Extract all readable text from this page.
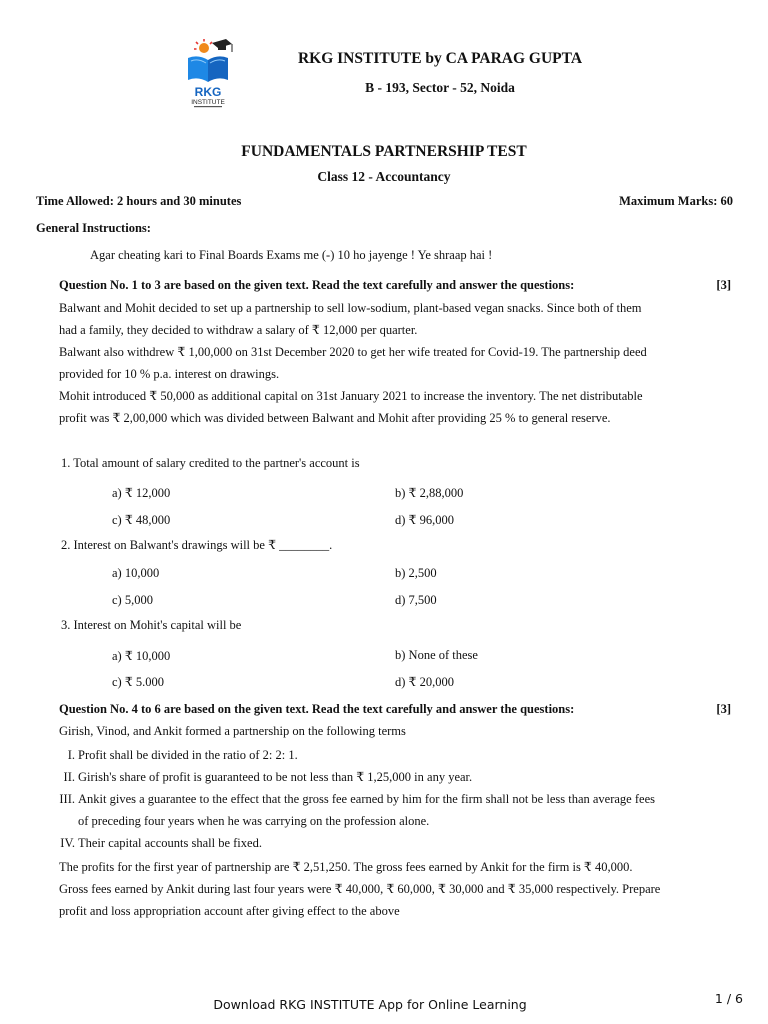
RKG
INSTITUTE
RKG INSTITUTE by CA PARAG GUPTA
B - 193, Sector - 52, Noida
FUNDAMENTALS PARTNERSHIP TEST
Class 12 - Accountancy
Time Allowed: 2 hours and 30 minutes	Maximum Marks: 60
General Instructions:
Agar cheating kari to Final Boards Exams me (-) 10 ho jayenge ! Ye shraap hai !
Question No. 1 to 3 are based on the given text. Read the text carefully and answer the questions:	[3]
Balwant and Mohit decided to set up a partnership to sell low-sodium, plant-based vegan snacks. Since both of them
had a family, they decided to withdraw a salary of ₹ 12,000 per quarter.
Balwant also withdrew ₹ 1,00,000 on 31st December 2020 to get her wife treated for Covid-19. The partnership deed
provided for 10 % p.a. interest on drawings.
Mohit introduced ₹ 50,000 as additional capital on 31st January 2021 to increase the inventory. The net distributable
profit was ₹ 2,00,000 which was divided between Balwant and Mohit after providing 25 % to general reserve.
1. Total amount of salary credited to the partner's account is
a) ₹ 12,000	b) ₹ 2,88,000
c) ₹ 48,000	d) ₹ 96,000
2. Interest on Balwant's drawings will be ₹ ________.
a) 10,000	b) 2,500
c) 5,000	d) 7,500
3. Interest on Mohit's capital will be
a) ₹ 10,000	b) None of these
c) ₹ 5.000	d) ₹ 20,000
Question No. 4 to 6 are based on the given text. Read the text carefully and answer the questions:	[3]
Girish, Vinod, and Ankit formed a partnership on the following terms
I. Profit shall be divided in the ratio of 2: 2: 1.
II. Girish's share of profit is guaranteed to be not less than ₹ 1,25,000 in any year.
III. Ankit gives a guarantee to the effect that the gross fee earned by him for the firm shall not be less than average fees
of preceding four years when he was carrying on the profession alone.
IV. Their capital accounts shall be fixed.
The profits for the first year of partnership are ₹ 2,51,250. The gross fees earned by Ankit for the firm is ₹ 40,000.
Gross fees earned by Ankit during last four years were ₹ 40,000, ₹ 60,000, ₹ 30,000 and ₹ 35,000 respectively. Prepare
profit and loss appropriation account after giving effect to the above
Download RKG INSTITUTE App for Online Learning	1 / 6
